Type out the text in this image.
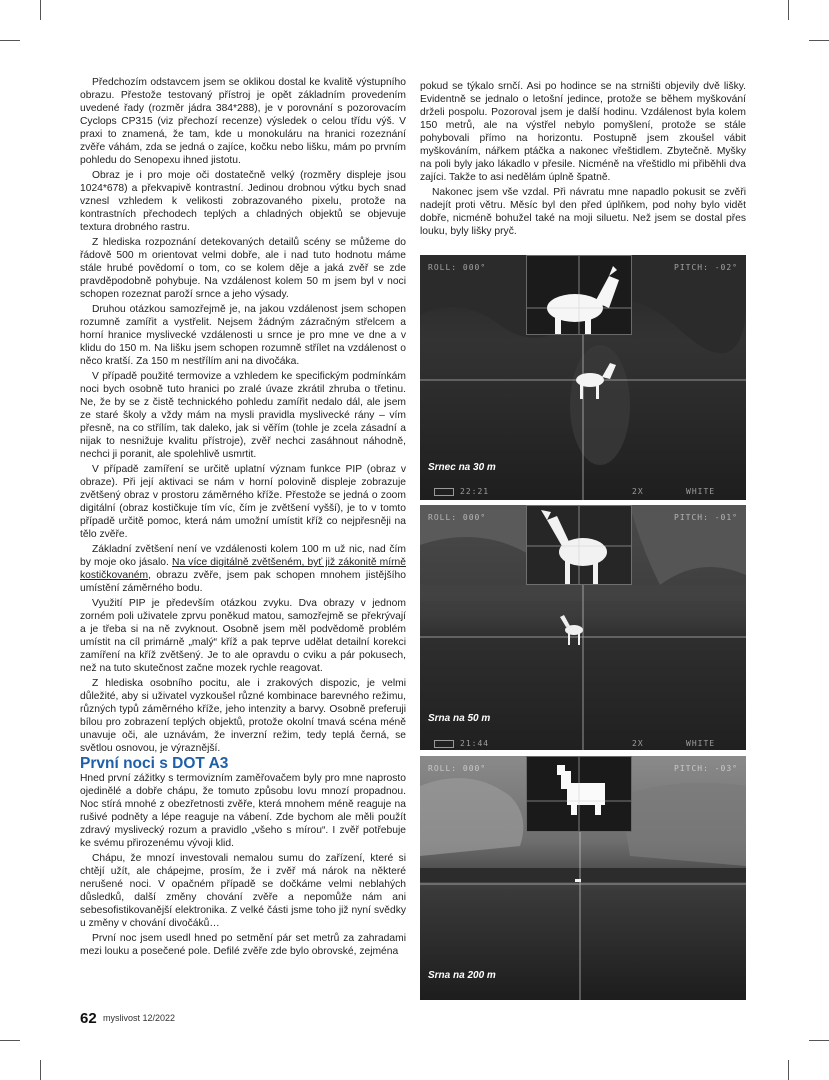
Předchozím odstavcem jsem se oklikou dostal ke kvalitě výstupního obrazu. Přestože testovaný přístroj je opět základním provedením uvedené řady (rozměr jádra 384*288), je v porovnání s pozorovacím Cyclops CP315 (viz přechozí recenze) výsledek o celou třídu výš. V praxi to znamená, že tam, kde u monokuláru na hranici rozeznání zvěře váhám, zda se jedná o zajíce, kočku nebo lišku, mám po prvním pohledu do Senopexu ihned jistotu.

Obraz je i pro moje oči dostatečně velký (rozměry displeje jsou 1024*678) a překvapivě kontrastní. Jedinou drobnou výtku bych snad vznesl vzhledem k velikosti zobrazovaného pixelu, protože na kontrastních přechodech teplých a chladných objektů se objevuje textura drobného rastru.

Z hlediska rozpoznání detekovaných detailů scény se můžeme do řádově 500 m orientovat velmi dobře, ale i nad tuto hodnotu máme stále hrubé povědomí o tom, co se kolem děje a jaká zvěř se zde pravděpodobně pohybuje. Na vzdálenost kolem 50 m jsem byl v noci schopen rozeznat paroží srnce a jeho výsady.

Druhou otázkou samozřejmě je, na jakou vzdálenost jsem schopen rozumně zamířit a vystřelit. Nejsem žádným zázračným střelcem a horní hranice myslivecké vzdálenosti u srnce je pro mne ve dne a v klidu do 150 m. Na lišku jsem schopen rozumně střílet na vzdálenost o něco kratší. Za 150 m nestřílím ani na divočáka.

V případě použité termovize a vzhledem ke specifickým podmínkám noci bych osobně tuto hranici po zralé úvaze zkrátil zhruba o třetinu. Ne, že by se z čistě technického pohledu zamířit nedalo dál, ale jsem ze staré školy a vždy mám na mysli pravidla myslivecké rány – vím přesně, na co střílím, tak daleko, jak si věřím (tohle je zcela zásadní a nijak to nesnižuje kvalitu přístroje), zvěř nechci zasáhnout náhodně, nechci ji poranit, ale spolehlivě usmrtit.

V případě zamíření se určitě uplatní význam funkce PIP (obraz v obraze). Při její aktivaci se nám v horní polovině displeje zobrazuje zvětšený obraz v prostoru záměrného kříže. Přestože se jedná o zoom digitální (obraz kostičkuje tím víc, čím je zvětšení vyšší), je to v tomto případě určitě pomoc, která nám umožní umístit kříž co nejpřesněji na tělo zvěře.

Základní zvětšení není ve vzdálenosti kolem 100 m už nic, nad čím by moje oko jásalo. Na více digitálně zvětšeném, byť již zákonitě mírně kostičkovaném, obrazu zvěře, jsem pak schopen mnohem jistějšího umístění záměrného bodu.

Využití PIP je především otázkou zvyku. Dva obrazy v jednom zorném poli uživatele zprvu poněkud matou, samozřejmě se překrývají a je třeba si na ně zvyknout. Osobně jsem měl podvědomě problém umístit na cíl primárně „malý“ kříž a pak teprve udělat detailní korekci zamíření na kříž zvětšený. Je to ale opravdu o cviku a pár pokusech, než na tuto skutečnost začne mozek rychle reagovat.

Z hlediska osobního pocitu, ale i zrakových dispozic, je velmi důležité, aby si uživatel vyzkoušel různé kombinace barevného režimu, různých typů záměrného kříže, jeho intenzity a barvy. Osobně preferuji bílou pro zobrazení teplých objektů, protože okolní tmavá scéna méně unavuje oči, ale uznávám, že inverzní režim, tedy teplá černá, se světlou osnovou, je výraznější.

První noci s DOT A3

Hned první zážitky s termovizním zaměřovačem byly pro mne naprosto ojedinělé a dobře chápu, že tomuto způsobu lovu mnozí propadnou. Noc stírá mnohé z obezřetnosti zvěře, která mnohem méně reaguje na rušivé podněty a lépe reaguje na vábení. Zde bychom ale měli použít zdravý myslivecký rozum a pravidlo „všeho s mírou“. I zvěř potřebuje ke svému přirozenému vývoji klid.

Chápu, že mnozí investovali nemalou sumu do zařízení, které si chtějí užít, ale chápejme, prosím, že i zvěř má nárok na některé nerušené noci. V opačném případě se dočkáme velmi neblahých důsledků, další změny chování zvěře a nepomůže nám ani sebesofistikovanější elektronika. Z velké části jsme toho již nyní svědky u změny v chování divočáků…

První noc jsem usedl hned po setmění pár set metrů za zahradami mezi louku a posečené pole. Defilé zvěře zde bylo obrovské, zejména

pokud se týkalo srnčí. Asi po hodince se na strništi objevily dvě lišky. Evidentně se jednalo o letošní jedince, protože se během myškování drželi pospolu. Pozoroval jsem je další hodinu. Vzdálenost byla kolem 150 metrů, ale na výstřel nebylo pomyšlení, protože se stále pohybovali přímo na horizontu. Postupně jsem zkoušel vábit myškováním, nářkem ptáčka a nakonec vřeštidlem. Zbytečně. Myšky na poli byly jako lákadlo v přesile. Nicméně na vřeštidlo mi přiběhli dva zajíci. Takže to asi nedělám úplně špatně.

Nakonec jsem vše vzdal. Při návratu mne napadlo pokusit se zvěři nadejít proti větru. Měsíc byl den před úplňkem, pod nohy bylo vidět dobře, nicméně bohužel také na moji siluetu. Než jsem se dostal přes louku, byly lišky pryč.

ROLL: 000°	PITCH: -02°
Srnec na 30 m
22:21	2X	WHITE
ROLL: 000°	PITCH: -01°
Srna na 50 m
21:44	2X	WHITE
ROLL: 000°	PITCH: -03°
Srna na 200 m
62 myslivost 12/2022
